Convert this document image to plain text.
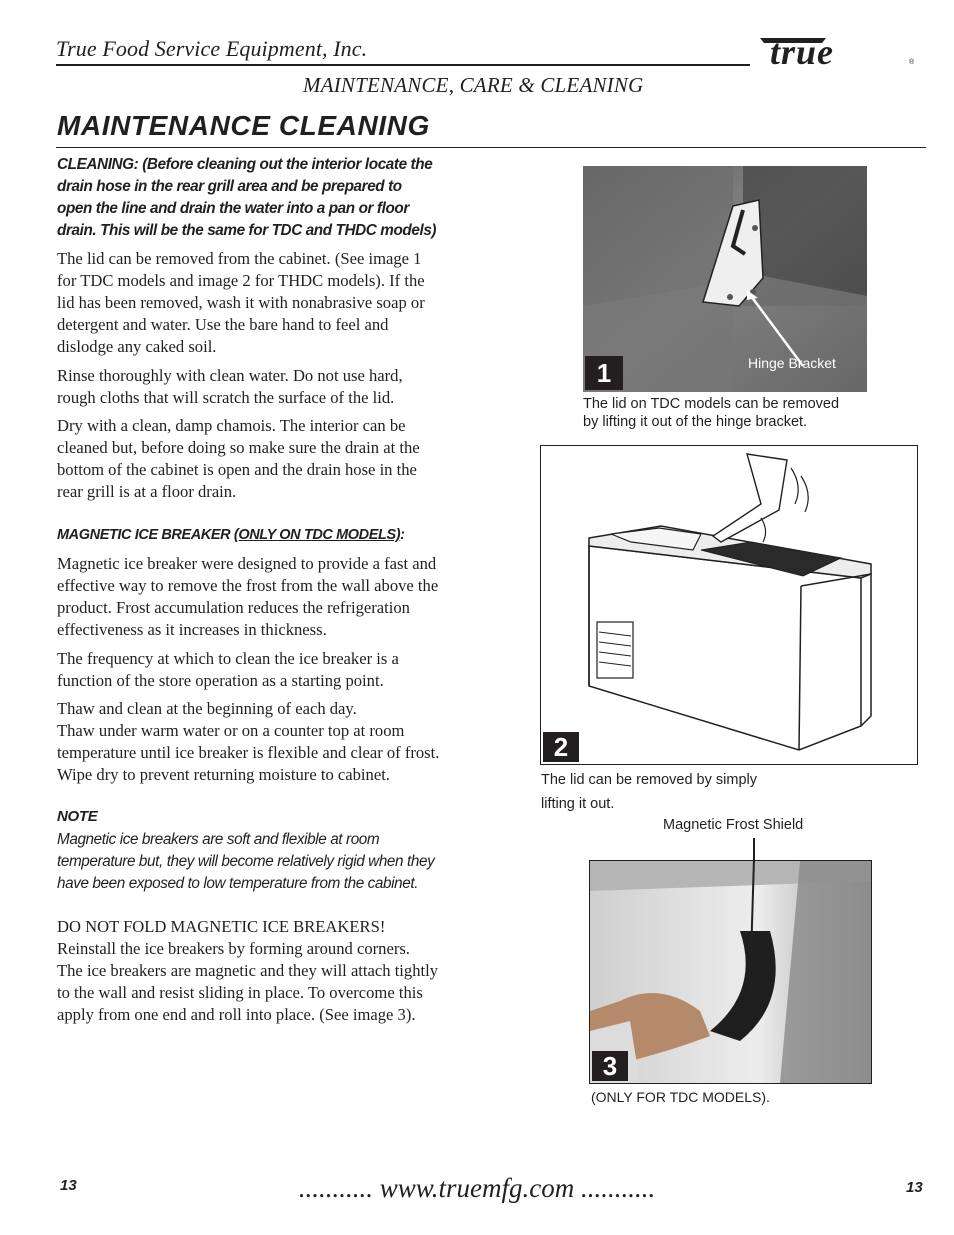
True Food Service Equipment, Inc.	true	®
MAINTENANCE, CARE & CLEANING
MAINTENANCE CLEANING
CLEANING: (Before cleaning out the interior locate the
drain hose in the rear grill area and be prepared to
open the line and drain the water into a pan or floor
drain. This will be the same for TDC and THDC models)
The lid can be removed from the cabinet. (See image 1
for TDC models and image 2 for THDC models). If the
lid has been removed, wash it with nonabrasive soap or
detergent and water. Use the bare hand to feel and
dislodge any caked soil.
Rinse thoroughly with clean water. Do not use hard,
rough cloths that will scratch the surface of the lid.
Dry with a clean, damp chamois. The interior can be
cleaned but, before doing so make sure the drain at the
bottom of the cabinet is open and the drain hose in the
rear grill is at a floor drain.
MAGNETIC ICE BREAKER (ONLY ON TDC MODELS):
Magnetic ice breaker were designed to provide a fast and
effective way to remove the frost from the wall above the
product. Frost accumulation reduces the refrigeration
effectiveness as it increases in thickness.
The frequency at which to clean the ice breaker is a
function of the store operation as a starting point.
Thaw and clean at the beginning of each day.
Thaw under warm water or on a counter top at room
temperature until ice breaker is flexible and clear of frost.
Wipe dry to prevent returning moisture to cabinet.
NOTE
Magnetic ice breakers are soft and flexible at room
temperature but, they will become relatively rigid when they
have been exposed to low temperature from the cabinet.
DO NOT FOLD MAGNETIC ICE BREAKERS!
Reinstall the ice breakers by forming around corners.
The ice breakers are magnetic and they will attach tightly
to the wall and resist sliding in place. To overcome this
apply from one end and roll into place. (See image 3).
1	Hinge Bracket
The lid on TDC models can be removed
by lifting it out of the hinge bracket.
2
The lid can be removed by simply
lifting it out.
Magnetic Frost Shield
3
(ONLY FOR TDC MODELS).
13	........... www.truemfg.com ...........	13
